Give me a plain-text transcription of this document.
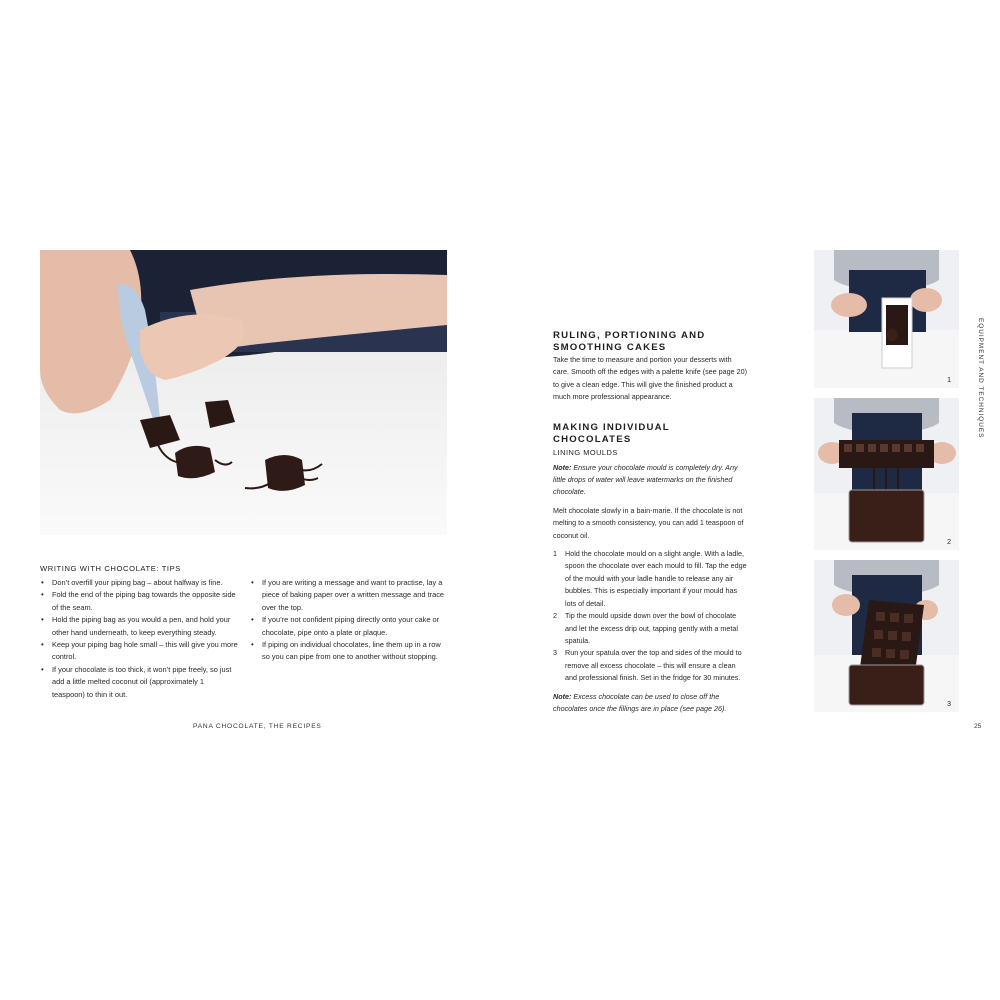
WRITING WITH CHOCOLATE: TIPS
• Don’t overfill your piping bag – about halfway is fine.
• Fold the end of the piping bag towards the opposite side of the seam.
• Hold the piping bag as you would a pen, and hold your other hand underneath, to keep everything steady.
• Keep your piping bag hole small – this will give you more control.
• If your chocolate is too thick, it won’t pipe freely, so just add a little melted coconut oil (approximately 1 teaspoon) to thin it out.
• If you are writing a message and want to practise, lay a piece of baking paper over a written message and trace over the top.
• If you’re not confident piping directly onto your cake or chocolate, pipe onto a plate or plaque.
• If piping on individual chocolates, line them up in a row so you can pipe from one to another without stopping.
PANA CHOCOLATE, THE RECIPES
RULING, PORTIONING AND SMOOTHING CAKES

Take the time to measure and portion your desserts with care. Smooth off the edges with a palette knife (see page 20) to give a clean edge. This will give the finished product a much more professional appearance.

MAKING INDIVIDUAL CHOCOLATES
LINING MOULDS

Note: Ensure your chocolate mould is completely dry. Any little drops of water will leave watermarks on the finished chocolate.

Melt chocolate slowly in a bain-marie. If the chocolate is not melting to a smooth consistency, you can add 1 teaspoon of coconut oil.

1 Hold the chocolate mould on a slight angle. With a ladle, spoon the chocolate over each mould to fill. Tap the edge of the mould with your ladle handle to release any air bubbles. This is especially important if your mould has lots of detail.
2 Tip the mould upside down over the bowl of chocolate and let the excess drip out, tapping gently with a metal spatula.
3 Run your spatula over the top and sides of the mould to remove all excess chocolate – this will ensure a clean and professional finish. Set in the fridge for 30 minutes.

Note: Excess chocolate can be used to close off the chocolates once the fillings are in place (see page 26).

1
2
3
EQUIPMENT AND TECHNIQUES
25
